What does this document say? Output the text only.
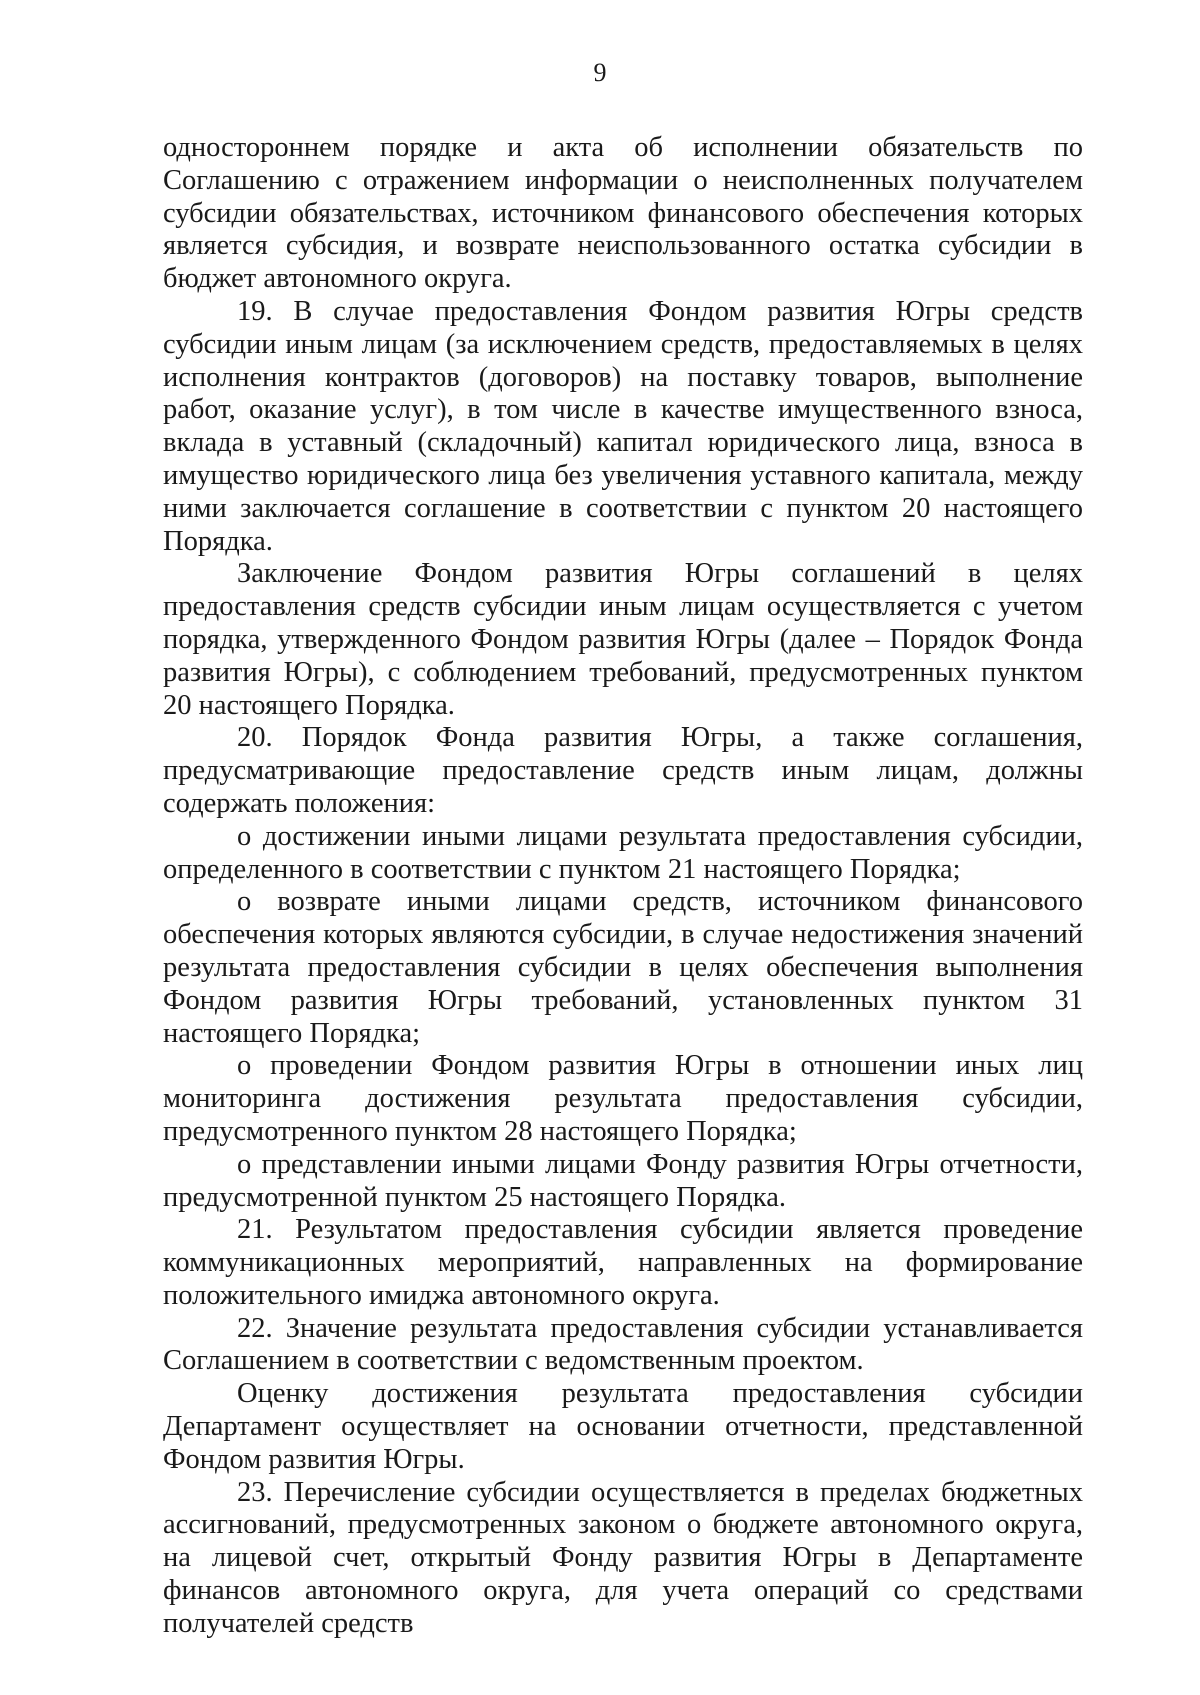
9

одностороннем порядке и акта об исполнении обязательств по Соглашению с отражением информации о неисполненных получателем субсидии обязательствах, источником финансового обеспечения которых является субсидия, и возврате неиспользованного остатка субсидии в бюджет автономного округа.

19. В случае предоставления Фондом развития Югры средств субсидии иным лицам (за исключением средств, предоставляемых в целях исполнения контрактов (договоров) на поставку товаров, выполнение работ, оказание услуг), в том числе в качестве имущественного взноса, вклада в уставный (складочный) капитал юридического лица, взноса в имущество юридического лица без увеличения уставного капитала, между ними заключается соглашение в соответствии с пунктом 20 настоящего Порядка.

Заключение Фондом развития Югры соглашений в целях предоставления средств субсидии иным лицам осуществляется с учетом порядка, утвержденного Фондом развития Югры (далее – Порядок Фонда развития Югры), с соблюдением требований, предусмотренных пунктом 20 настоящего Порядка.

20. Порядок Фонда развития Югры, а также соглашения, предусматривающие предоставление средств иным лицам, должны содержать положения:

о достижении иными лицами результата предоставления субсидии, определенного в соответствии с пунктом 21 настоящего Порядка;

о возврате иными лицами средств, источником финансового обеспечения которых являются субсидии, в случае недостижения значений результата предоставления субсидии в целях обеспечения выполнения Фондом развития Югры требований, установленных пунктом 31 настоящего Порядка;

о проведении Фондом развития Югры в отношении иных лиц мониторинга достижения результата предоставления субсидии, предусмотренного пунктом 28 настоящего Порядка;

о представлении иными лицами Фонду развития Югры отчетности, предусмотренной пунктом 25 настоящего Порядка.

21. Результатом предоставления субсидии является проведение коммуникационных мероприятий, направленных на формирование положительного имиджа автономного округа.

22. Значение результата предоставления субсидии устанавливается Соглашением в соответствии с ведомственным проектом.

Оценку достижения результата предоставления субсидии Департамент осуществляет на основании отчетности, представленной Фондом развития Югры.

23. Перечисление субсидии осуществляется в пределах бюджетных ассигнований, предусмотренных законом о бюджете автономного округа, на лицевой счет, открытый Фонду развития Югры в Департаменте финансов автономного округа, для учета операций со средствами получателей средств
